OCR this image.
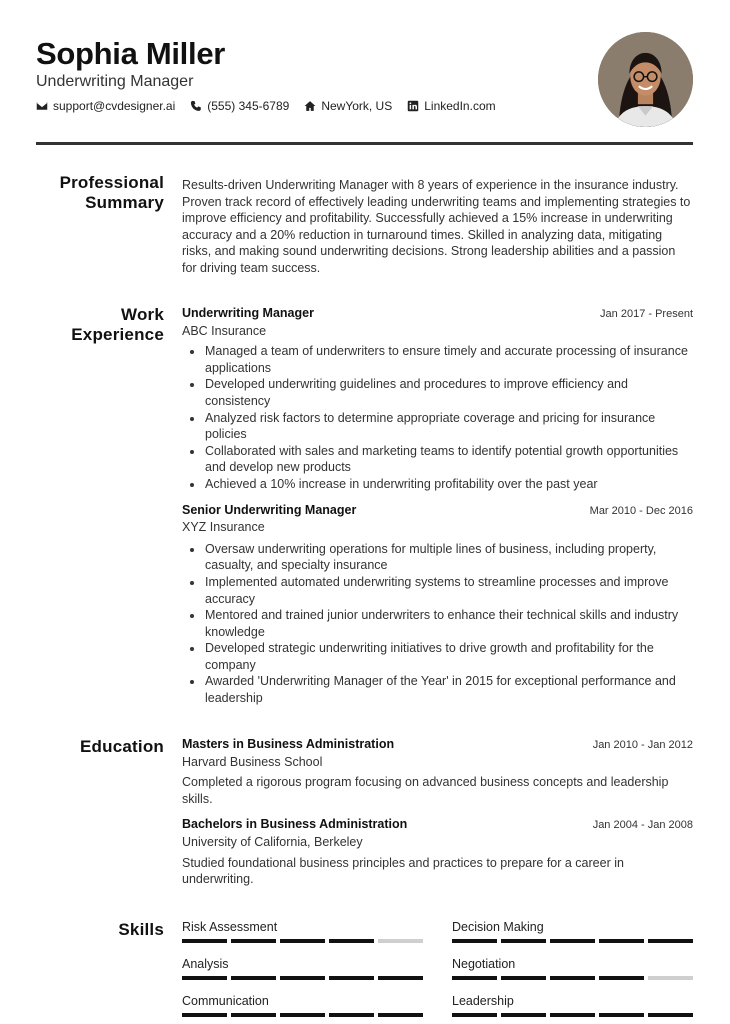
Sophia Miller
Underwriting Manager
support@cvdesigner.ai	(555) 345-6789	NewYork, US	LinkedIn.com
Professional
Summary
Results-driven Underwriting Manager with 8 years of experience in the insurance industry. Proven track record of effectively leading underwriting teams and implementing strategies to improve efficiency and profitability. Successfully achieved a 15% increase in underwriting accuracy and a 20% reduction in turnaround times. Skilled in analyzing data, mitigating risks, and making sound underwriting decisions. Strong leadership abilities and a passion for driving team success.
Work
Experience
Underwriting Manager	Jan 2017 - Present
ABC Insurance
Managed a team of underwriters to ensure timely and accurate processing of insurance applications
Developed underwriting guidelines and procedures to improve efficiency and consistency
Analyzed risk factors to determine appropriate coverage and pricing for insurance policies
Collaborated with sales and marketing teams to identify potential growth opportunities and develop new products
Achieved a 10% increase in underwriting profitability over the past year
Senior Underwriting Manager	Mar 2010 - Dec 2016
XYZ Insurance
Oversaw underwriting operations for multiple lines of business, including property, casualty, and specialty insurance
Implemented automated underwriting systems to streamline processes and improve accuracy
Mentored and trained junior underwriters to enhance their technical skills and industry knowledge
Developed strategic underwriting initiatives to drive growth and profitability for the company
Awarded 'Underwriting Manager of the Year' in 2015 for exceptional performance and leadership
Education Masters in Business Administration	Jan 2010 - Jan 2012
Harvard Business School
Completed a rigorous program focusing on advanced business concepts and leadership skills.
Bachelors in Business Administration	Jan 2004 - Jan 2008
University of California, Berkeley
Studied foundational business principles and practices to prepare for a career in underwriting.
Skills Risk Assessment	Decision Making
Analysis	Negotiation
Communication	Leadership
